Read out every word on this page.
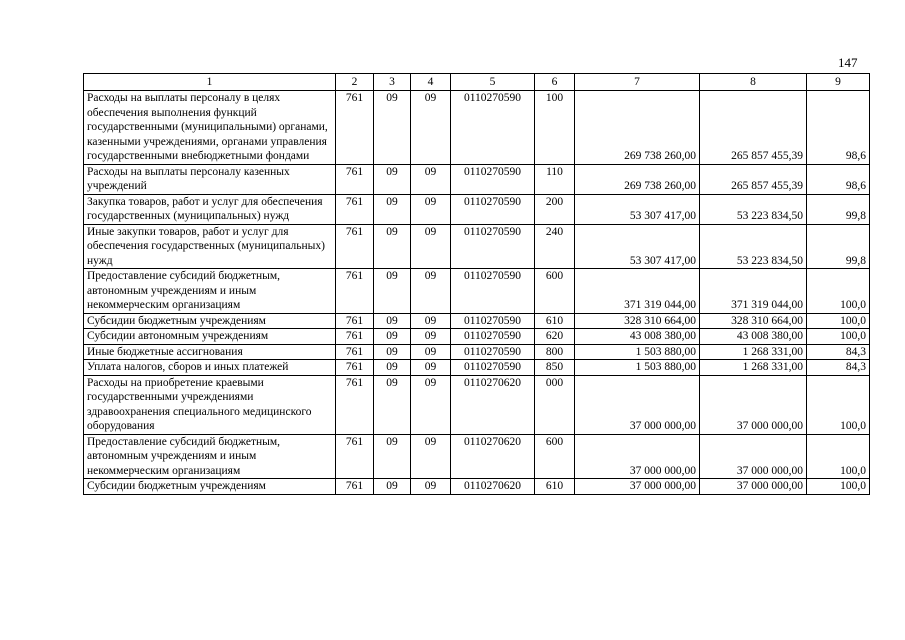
147
1	2	3	4	5	6	7	8	9
Расходы на выплаты персоналу в целях обеспечения выполнения функций государственными (муниципальными) органами, казенными учреждениями, органами управления государственными внебюджетными фондами	761	09	09	0110270590	100	269 738 260,00	265 857 455,39	98,6
Расходы на выплаты персоналу казенных учреждений	761	09	09	0110270590	110	269 738 260,00	265 857 455,39	98,6
Закупка товаров, работ и услуг для обеспечения государственных (муниципальных) нужд	761	09	09	0110270590	200	53 307 417,00	53 223 834,50	99,8
Иные закупки товаров, работ и услуг для обеспечения государственных (муниципальных) нужд	761	09	09	0110270590	240	53 307 417,00	53 223 834,50	99,8
Предоставление субсидий бюджетным, автономным учреждениям и иным некоммерческим организациям	761	09	09	0110270590	600	371 319 044,00	371 319 044,00	100,0
Субсидии бюджетным учреждениям	761	09	09	0110270590	610	328 310 664,00	328 310 664,00	100,0
Субсидии автономным учреждениям	761	09	09	0110270590	620	43 008 380,00	43 008 380,00	100,0
Иные бюджетные ассигнования	761	09	09	0110270590	800	1 503 880,00	1 268 331,00	84,3
Уплата налогов, сборов и иных платежей	761	09	09	0110270590	850	1 503 880,00	1 268 331,00	84,3
Расходы на приобретение краевыми государственными учреждениями здравоохранения специального медицинского оборудования	761	09	09	0110270620	000	37 000 000,00	37 000 000,00	100,0
Предоставление субсидий бюджетным, автономным учреждениям и иным некоммерческим организациям	761	09	09	0110270620	600	37 000 000,00	37 000 000,00	100,0
Субсидии бюджетным учреждениям	761	09	09	0110270620	610	37 000 000,00	37 000 000,00	100,0
